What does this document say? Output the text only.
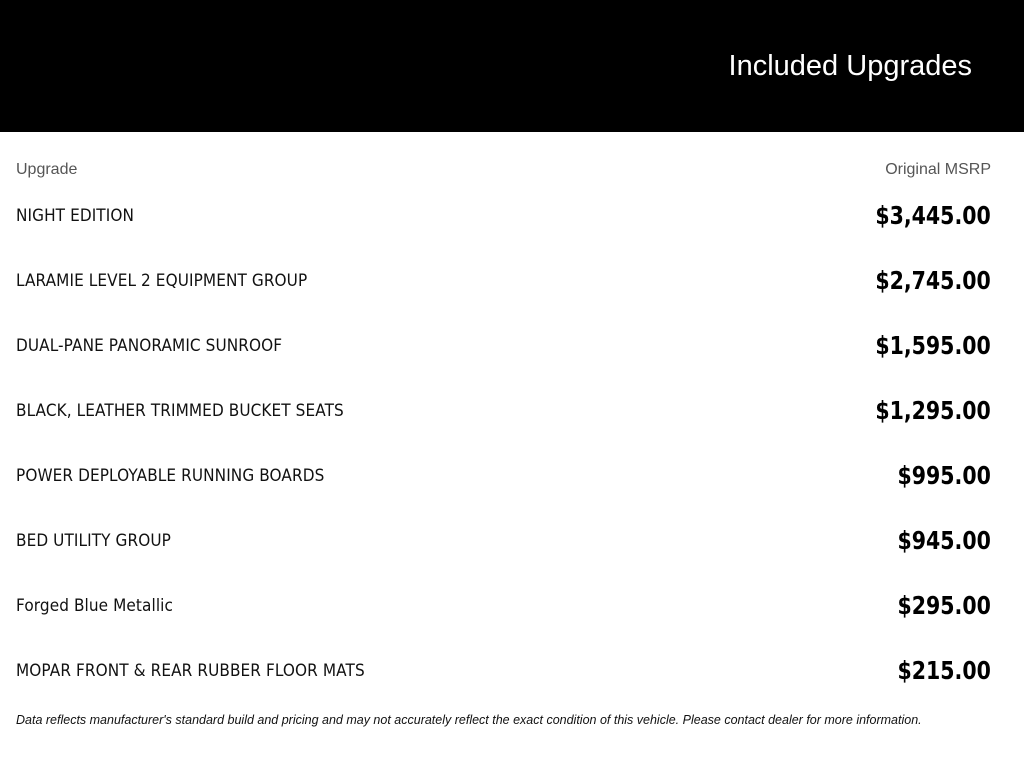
Included Upgrades
Upgrade	Original MSRP
NIGHT EDITION	$3,445.00
LARAMIE LEVEL 2 EQUIPMENT GROUP	$2,745.00
DUAL-PANE PANORAMIC SUNROOF	$1,595.00
BLACK, LEATHER TRIMMED BUCKET SEATS	$1,295.00
POWER DEPLOYABLE RUNNING BOARDS	$995.00
BED UTILITY GROUP	$945.00
Forged Blue Metallic	$295.00
MOPAR FRONT & REAR RUBBER FLOOR MATS	$215.00
Data reflects manufacturer's standard build and pricing and may not accurately reflect the exact condition of this vehicle. Please contact dealer for more information.
